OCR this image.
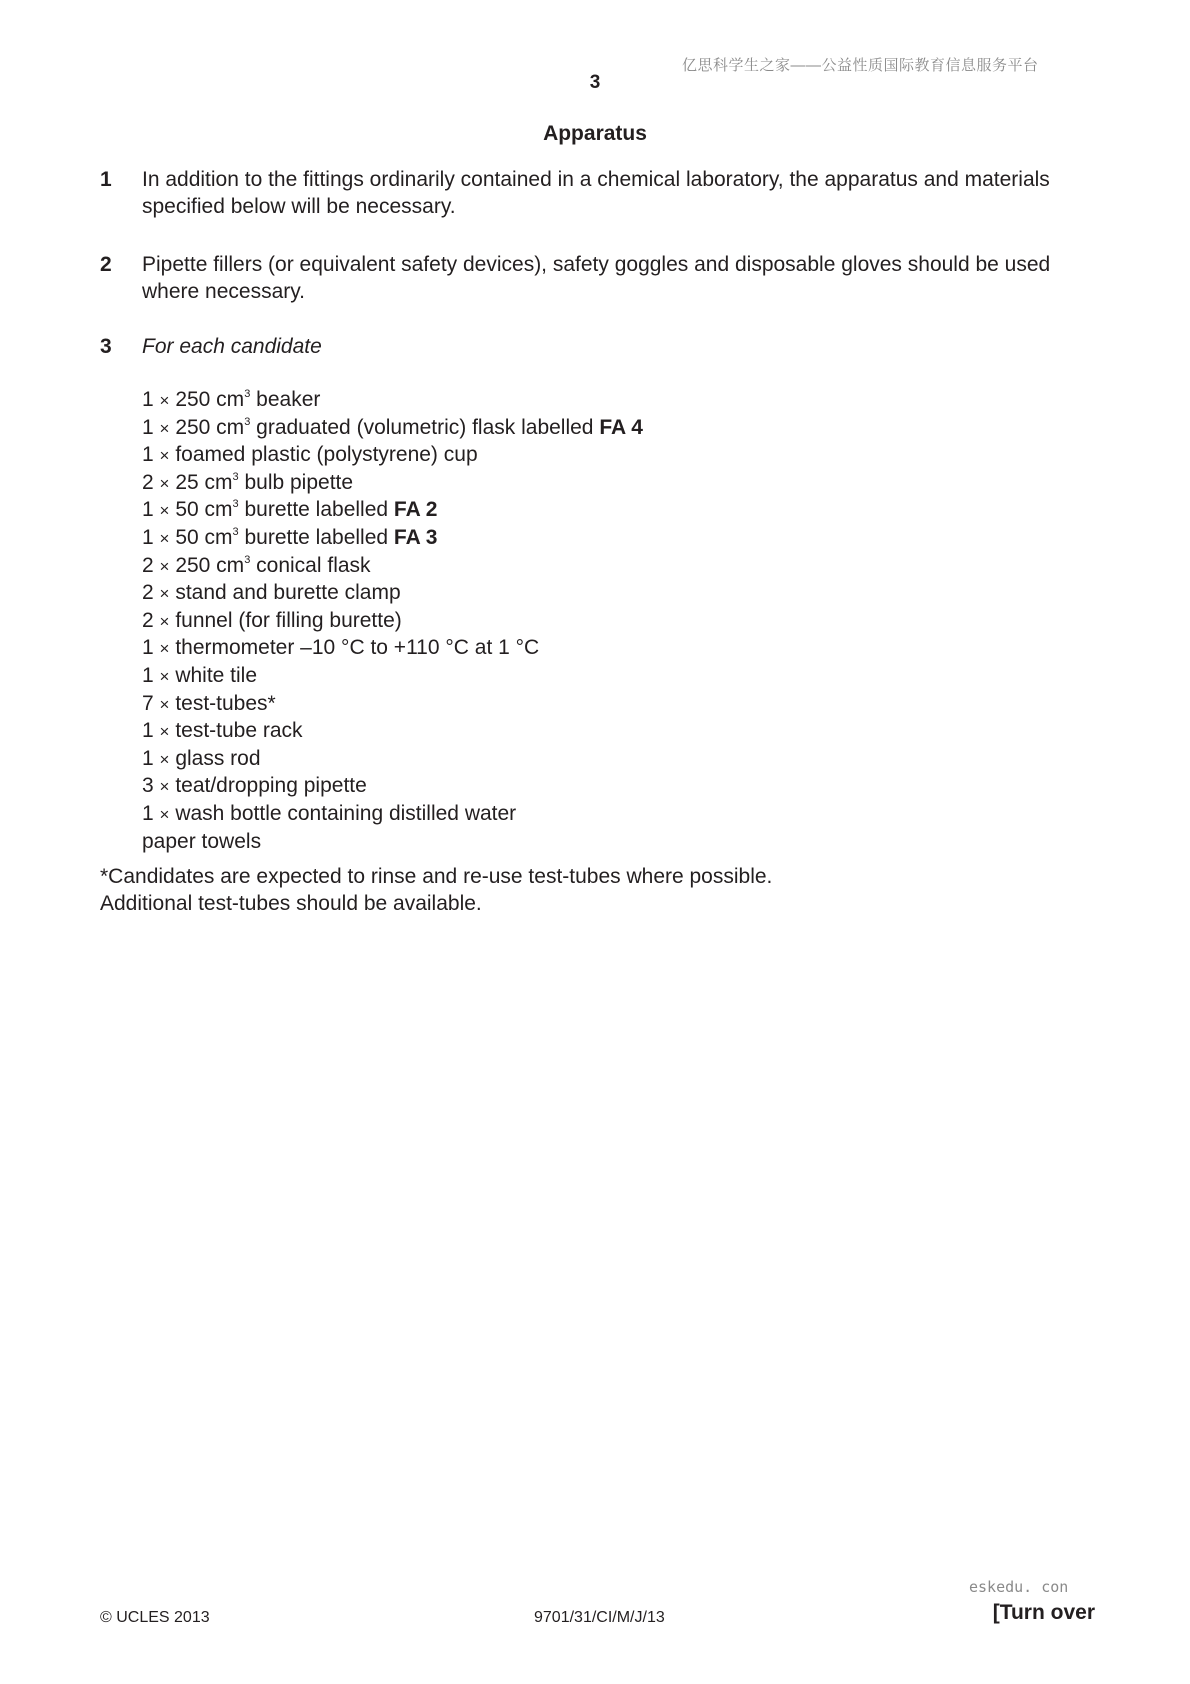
亿思科学生之家——公益性质国际教育信息服务平台
3
Apparatus
1 In addition to the fittings ordinarily contained in a chemical laboratory, the apparatus and materials specified below will be necessary.
2 Pipette fillers (or equivalent safety devices), safety goggles and disposable gloves should be used where necessary.
3 For each candidate
1 × 250 $cm^3$ beaker
1 × 250 $cm^3$ graduated (volumetric) flask labelled FA 4
1 × foamed plastic (polystyrene) cup
2 × 25 $cm^3$ bulb pipette
1 × 50 $cm^3$ burette labelled FA 2
1 × 50 $cm^3$ burette labelled FA 3
2 × 250 $cm^3$ conical flask
2 × stand and burette clamp
2 × funnel (for filling burette)
1 × thermometer –10 °C to +110 °C at 1 °C
1 × white tile
7 × test-tubes*
1 × test-tube rack
1 × glass rod
3 × teat/dropping pipette
1 × wash bottle containing distilled water
paper towels
*Candidates are expected to rinse and re-use test-tubes where possible.
Additional test-tubes should be available.
© UCLES 2013	9701/31/CI/M/J/13
eskedu. con
[Turn over
